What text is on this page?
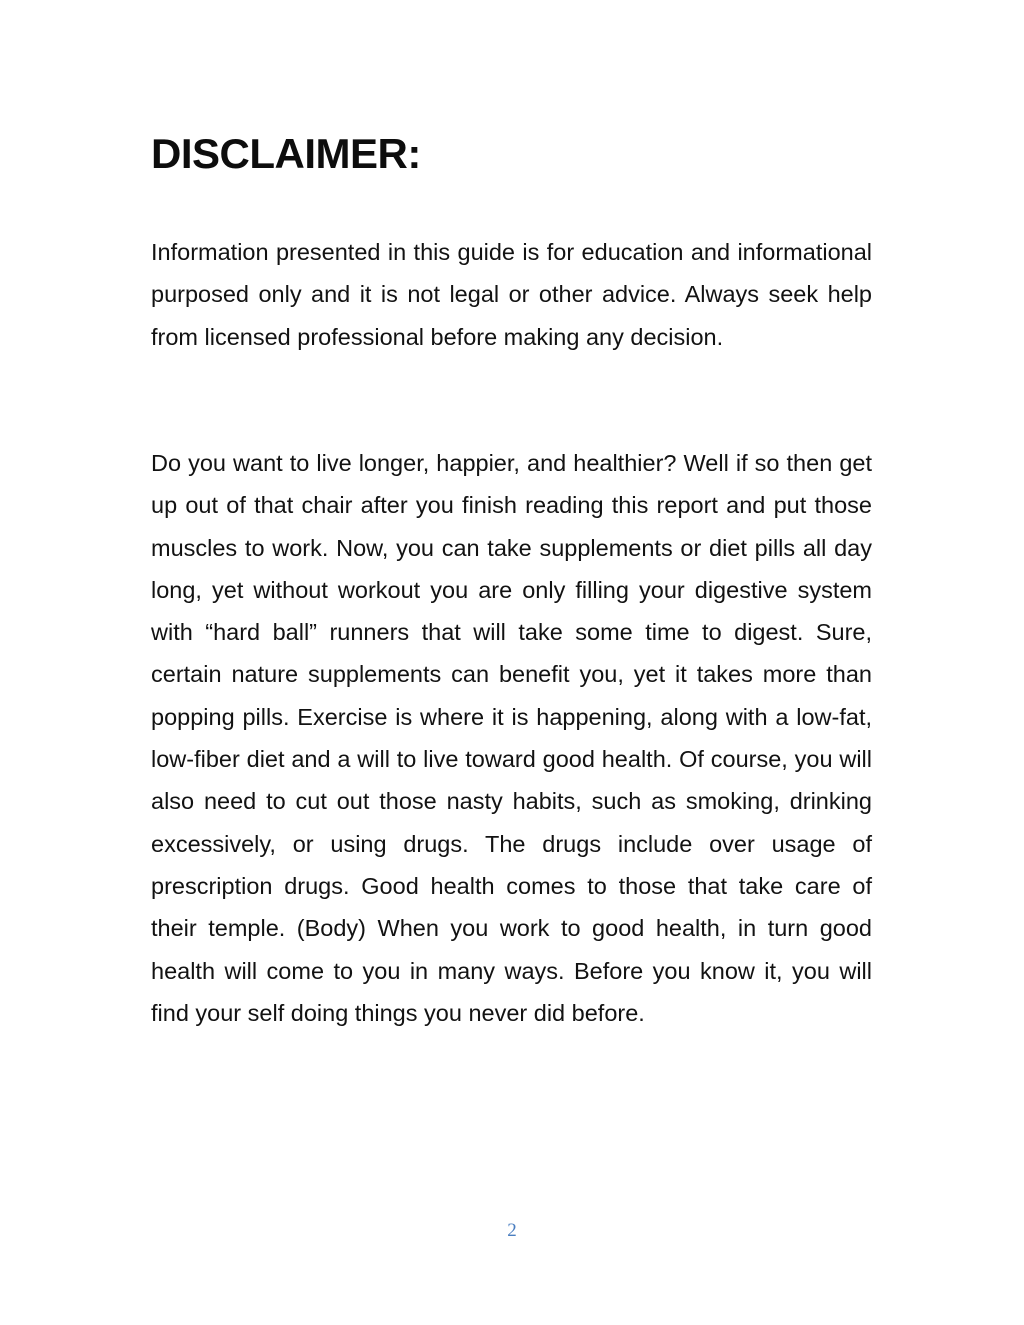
DISCLAIMER:

Information presented in this guide is for education and informational purposed only and it is not legal or other advice. Always seek help from licensed professional before making any decision.

Do you want to live longer, happier, and healthier? Well if so then get up out of that chair after you finish reading this report and put those muscles to work. Now, you can take supplements or diet pills all day long, yet without workout you are only filling your digestive system with “hard ball” runners that will take some time to digest. Sure, certain nature supplements can benefit you, yet it takes more than popping pills. Exercise is where it is happening, along with a low-fat, low-fiber diet and a will to live toward good health. Of course, you will also need to cut out those nasty habits, such as smoking, drinking excessively, or using drugs. The drugs include over usage of prescription drugs. Good health comes to those that take care of their temple. (Body) When you work to good health, in turn good health will come to you in many ways. Before you know it, you will find your self doing things you never did before.

2
